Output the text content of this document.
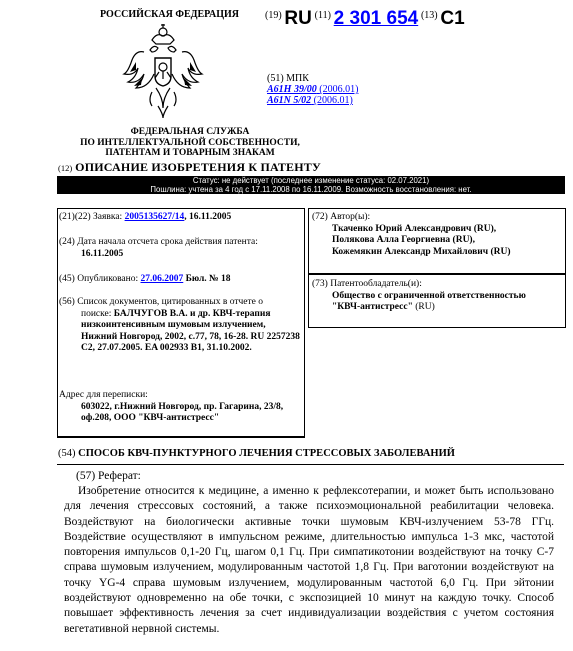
РОССИЙСКАЯ ФЕДЕРАЦИЯ	$^{(19)}$ RU $^{(11)}$ 2 301 654 $^{(13)}$ C1
(51) МПК
A61H 39/00 (2006.01)
A61N 5/02 (2006.01)
ФЕДЕРАЛЬНАЯ СЛУЖБА
ПО ИНТЕЛЛЕКТУАЛЬНОЙ СОБСТВЕННОСТИ,
ПАТЕНТАМ И ТОВАРНЫМ ЗНАКАМ
(12) ОПИСАНИЕ ИЗОБРЕТЕНИЯ К ПАТЕНТУ
Статус: не действует (последнее изменение статуса: 02.07.2021)
Пошлина: учтена за 4 год с 17.11.2008 по 16.11.2009. Возможность восстановления: нет.
(21)(22) Заявка: 2005135627/14, 16.11.2005

(24) Дата начала отсчета срока действия патента:

16.11.2005

(45) Опубликовано: 27.06.2007 Бюл. № 18

(56) Список документов, цитированных в отчете о

поиске: БАЛЧУГОВ В.А. и др. КВЧ-терапия низкоинтенсивным шумовым излучением, Нижний Новгород, 2002, с.77, 78, 16-28. RU 2257238 C2, 27.07.2005. EA 002933 B1, 31.10.2002.

Адрес для переписки:

603022, г.Нижний Новгород, пр. Гагарина, 23/8, оф.208, ООО "КВЧ-антистресс"

(72) Автор(ы):

Ткаченко Юрий Александрович (RU),

Полякова Алла Георгиевна (RU),

Кожемякин Александр Михайлович (RU)

(73) Патентообладатель(и):

Общество с ограниченной ответственностью "КВЧ-антистресс" (RU)

(54) СПОСОБ КВЧ-ПУНКТУРНОГО ЛЕЧЕНИЯ СТРЕССОВЫХ ЗАБОЛЕВАНИЙ
(57) Реферат:
Изобретение относится к медицине, а именно к рефлексотерапии, и может быть использовано для лечения стрессовых состояний, а также психоэмоциональной реабилитации человека. Воздействуют на биологически активные точки шумовым КВЧ-излучением 53-78 ГГц. Воздействие осуществляют в импульсном режиме, длительностью импульса 1-3 мкс, частотой повторения импульсов 0,1-20 Гц, шагом 0,1 Гц. При симпатикотонии воздействуют на точку С-7 справа шумовым излучением, модулированным частотой 1,8 Гц. При ваготонии воздействуют на точку YG-4 справа шумовым излучением, модулированным частотой 6,0 Гц. При эйтонии воздействуют одновременно на обе точки, с экспозицией 10 минут на каждую точку. Способ повышает эффективность лечения за счет индивидуализации воздействия с учетом состояния вегетативной нервной системы.
